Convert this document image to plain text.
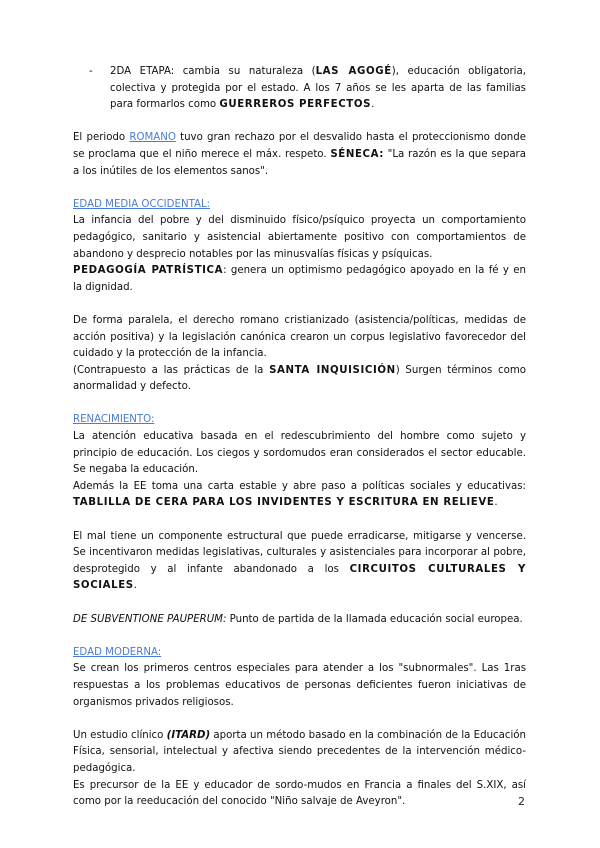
- 2DA ETAPA: cambia su naturaleza (LAS AGOGÉ), educación obligatoria, colectiva y protegida por el estado. A los 7 años se les aparta de las familias para formarlos como GUERREROS PERFECTOS.

El periodo ROMANO tuvo gran rechazo por el desvalido hasta el proteccionismo donde se proclama que el niño merece el máx. respeto. SÉNECA: "La razón es la que separa a los inútiles de los elementos sanos".

EDAD MEDIA OCCIDENTAL:

La infancia del pobre y del disminuido físico/psíquico proyecta un comportamiento pedagógico, sanitario y asistencial abiertamente positivo con comportamientos de abandono y desprecio notables por las minusvalías físicas y psíquicas.

PEDAGOGÍA PATRÍSTICA: genera un optimismo pedagógico apoyado en la fé y en la dignidad.

De forma paralela, el derecho romano cristianizado (asistencia/políticas, medidas de acción positiva) y la legislación canónica crearon un corpus legislativo favorecedor del cuidado y la protección de la infancia.

(Contrapuesto a las prácticas de la SANTA INQUISICIÓN) Surgen términos como anormalidad y defecto.

RENACIMIENTO:

La atención educativa basada en el redescubrimiento del hombre como sujeto y principio de educación. Los ciegos y sordomudos eran considerados el sector educable. Se negaba la educación.

Además la EE toma una carta estable y abre paso a políticas sociales y educativas: TABLILLA DE CERA PARA LOS INVIDENTES Y ESCRITURA EN RELIEVE.

El mal tiene un componente estructural que puede erradicarse, mitigarse y vencerse. Se incentivaron medidas legislativas, culturales y asistenciales para incorporar al pobre, desprotegido y al infante abandonado a los CIRCUITOS CULTURALES Y SOCIALES.

DE SUBVENTIONE PAUPERUM: Punto de partida de la llamada educación social europea.

EDAD MODERNA:

Se crean los primeros centros especiales para atender a los "subnormales". Las 1ras respuestas a los problemas educativos de personas deficientes fueron iniciativas de organismos privados religiosos.

Un estudio clínico (ITARD) aporta un método basado en la combinación de la Educación Física, sensorial, intelectual y afectiva siendo precedentes de la intervención médico-pedagógica.

Es precursor de la EE y educador de sordo-mudos en Francia a finales del S.XIX, así como por la reeducación del conocido "Niño salvaje de Aveyron".	2
